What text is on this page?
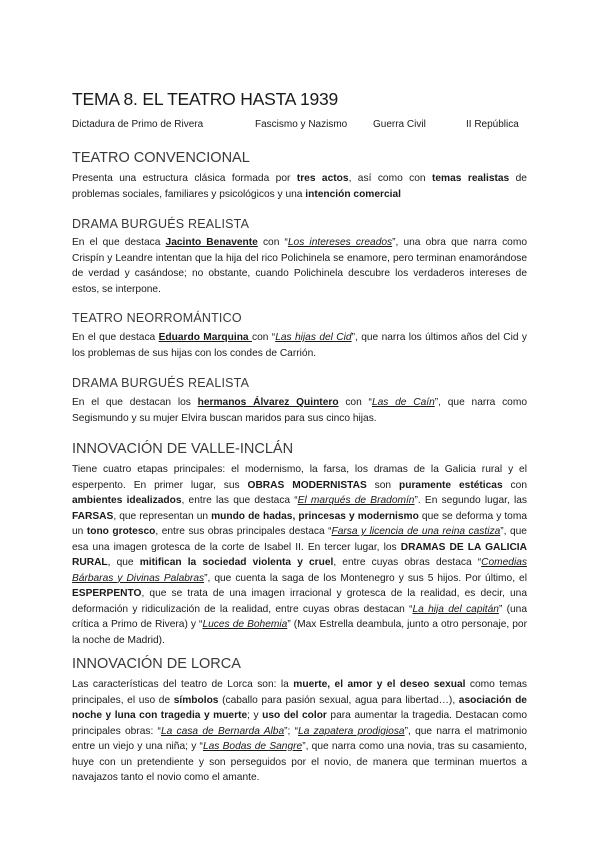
TEMA 8. EL TEATRO HASTA 1939
Dictadura de Primo de Rivera	Fascismo y Nazismo	Guerra Civil	II República
TEATRO CONVENCIONAL

Presenta una estructura clásica formada por tres actos, así como con temas realistas de problemas sociales, familiares y psicológicos y una intención comercial

DRAMA BURGUÉS REALISTA

En el que destaca Jacinto Benavente con “Los intereses creados”, una obra que narra como Crispín y Leandre intentan que la hija del rico Polichinela se enamore, pero terminan enamorándose de verdad y casándose; no obstante, cuando Polichinela descubre los verdaderos intereses de estos, se interpone.

TEATRO NEORROMÁNTICO

En el que destaca Eduardo Marquina con “Las hijas del Cid”, que narra los últimos años del Cid y los problemas de sus hijas con los condes de Carrión.

DRAMA BURGUÉS REALISTA

En el que destacan los hermanos Álvarez Quintero con “Las de Caín”, que narra como Segismundo y su mujer Elvira buscan maridos para sus cinco hijas.

INNOVACIÓN DE VALLE-INCLÁN

Tiene cuatro etapas principales: el modernismo, la farsa, los dramas de la Galicia rural y el esperpento. En primer lugar, sus OBRAS MODERNISTAS son puramente estéticas con ambientes idealizados, entre las que destaca “El marqués de Bradomín”. En segundo lugar, las FARSAS, que representan un mundo de hadas, princesas y modernismo que se deforma y toma un tono grotesco, entre sus obras principales destaca “Farsa y licencia de una reina castiza”, que esa una imagen grotesca de la corte de Isabel II. En tercer lugar, los DRAMAS DE LA GALICIA RURAL, que mitifican la sociedad violenta y cruel, entre cuyas obras destaca “Comedias Bárbaras y Divinas Palabras”, que cuenta la saga de los Montenegro y sus 5 hijos. Por último, el ESPERPENTO, que se trata de una imagen irracional y grotesca de la realidad, es decir, una deformación y ridiculización de la realidad, entre cuyas obras destacan “La hija del capitán” (una crítica a Primo de Rivera) y “Luces de Bohemia” (Max Estrella deambula, junto a otro personaje, por la noche de Madrid).

INNOVACIÓN DE LORCA

Las características del teatro de Lorca son: la muerte, el amor y el deseo sexual como temas principales, el uso de símbolos (caballo para pasión sexual, agua para libertad…), asociación de noche y luna con tragedia y muerte; y uso del color para aumentar la tragedia. Destacan como principales obras: “La casa de Bernarda Alba”; “La zapatera prodigiosa”, que narra el matrimonio entre un viejo y una niña; y “Las Bodas de Sangre”, que narra como una novia, tras su casamiento, huye con un pretendiente y son perseguidos por el novio, de manera que terminan muertos a navajazos tanto el novio como el amante.
